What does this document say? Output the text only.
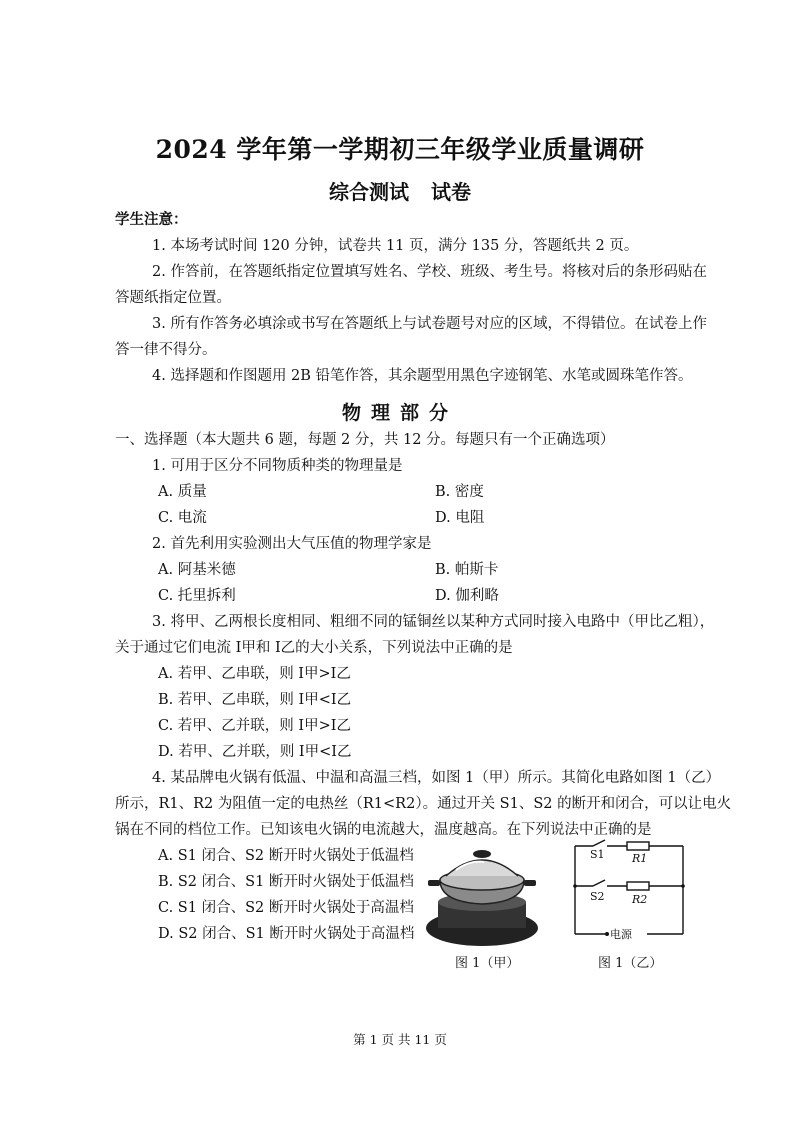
2024 学年第一学期初三年级学业质量调研
综合测试 试卷
学生注意：
1. 本场考试时间 120 分钟，试卷共 11 页，满分 135 分，答题纸共 2 页。
2. 作答前，在答题纸指定位置填写姓名、学校、班级、考生号。将核对后的条形码贴在
答题纸指定位置。
3. 所有作答务必填涂或书写在答题纸上与试卷题号对应的区域，不得错位。在试卷上作
答一律不得分。
4. 选择题和作图题用 2B 铅笔作答，其余题型用黑色字迹钢笔、水笔或圆珠笔作答。
物理部分
一、选择题（本大题共 6 题，每题 2 分，共 12 分。每题只有一个正确选项）
1. 可用于区分不同物质种类的物理量是
A. 质量	B. 密度
C. 电流	D. 电阻
2. 首先利用实验测出大气压值的物理学家是
A. 阿基米德	B. 帕斯卡
C. 托里拆利	D. 伽利略
3. 将甲、乙两根长度相同、粗细不同的锰铜丝以某种方式同时接入电路中（甲比乙粗），
关于通过它们电流 I甲和 I乙的大小关系，下列说法中正确的是
A. 若甲、乙串联，则 I甲>I乙
B. 若甲、乙串联，则 I甲<I乙
C. 若甲、乙并联，则 I甲>I乙
D. 若甲、乙并联，则 I甲<I乙
4. 某品牌电火锅有低温、中温和高温三档，如图 1（甲）所示。其简化电路如图 1（乙）
所示，R1、R2 为阻值一定的电热丝（R1<R2）。通过开关 S1、S2 的断开和闭合，可以让电火
锅在不同的档位工作。已知该电火锅的电流越大，温度越高。在下列说法中正确的是
A. S1 闭合、S2 断开时火锅处于低温档
B. S2 闭合、S1 断开时火锅处于低温档
C. S1 闭合、S2 断开时火锅处于高温档
D. S2 闭合、S1 断开时火锅处于高温档
图 1（甲）
S1 R1
S2 R2
电源
图 1（乙）
第 1 页 共 11 页
